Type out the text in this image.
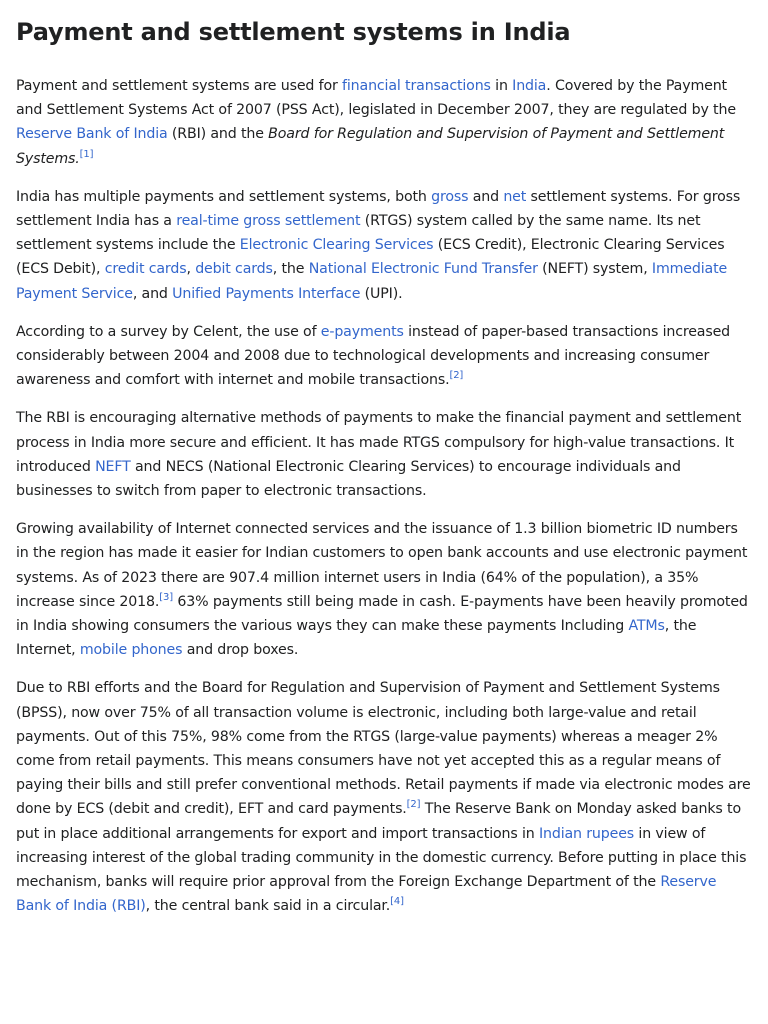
Payment and settlement systems in India

Payment and settlement systems are used for financial transactions in India. Covered by the Payment and Settlement Systems Act of 2007 (PSS Act), legislated in December 2007, they are regulated by the Reserve Bank of India (RBI) and the Board for Regulation and Supervision of Payment and Settlement Systems.[1]

India has multiple payments and settlement systems, both gross and net settlement systems. For gross settlement India has a real-time gross settlement (RTGS) system called by the same name. Its net settlement systems include the Electronic Clearing Services (ECS Credit), Electronic Clearing Services (ECS Debit), credit cards, debit cards, the National Electronic Fund Transfer (NEFT) system, Immediate Payment Service, and Unified Payments Interface (UPI).

According to a survey by Celent, the use of e-payments instead of paper-based transactions increased considerably between 2004 and 2008 due to technological developments and increasing consumer awareness and comfort with internet and mobile transactions.[2]

The RBI is encouraging alternative methods of payments to make the financial payment and settlement process in India more secure and efficient. It has made RTGS compulsory for high-value transactions. It introduced NEFT and NECS (National Electronic Clearing Services) to encourage individuals and businesses to switch from paper to electronic transactions.

Growing availability of Internet connected services and the issuance of 1.3 billion biometric ID numbers in the region has made it easier for Indian customers to open bank accounts and use electronic payment systems. As of 2023 there are 907.4 million internet users in India (64% of the population), a 35% increase since 2018.[3] 63% payments still being made in cash. E-payments have been heavily promoted in India showing consumers the various ways they can make these payments Including ATMs, the Internet, mobile phones and drop boxes.

Due to RBI efforts and the Board for Regulation and Supervision of Payment and Settlement Systems (BPSS), now over 75% of all transaction volume is electronic, including both large-value and retail payments. Out of this 75%, 98% come from the RTGS (large-value payments) whereas a meager 2% come from retail payments. This means consumers have not yet accepted this as a regular means of paying their bills and still prefer conventional methods. Retail payments if made via electronic modes are done by ECS (debit and credit), EFT and card payments.[2] The Reserve Bank on Monday asked banks to put in place additional arrangements for export and import transactions in Indian rupees in view of increasing interest of the global trading community in the domestic currency. Before putting in place this mechanism, banks will require prior approval from the Foreign Exchange Department of the Reserve Bank of India (RBI), the central bank said in a circular.[4]
